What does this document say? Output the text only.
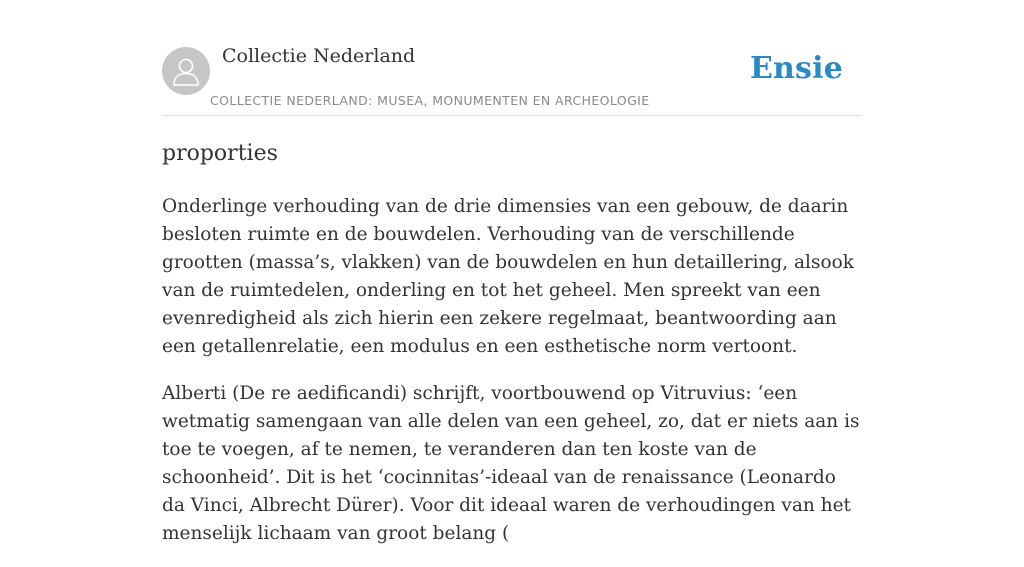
Collectie Nederland
COLLECTIE NEDERLAND: MUSEA, MONUMENTEN EN ARCHEOLOGIE
Ensie
proporties

Onderlinge verhouding van de drie dimensies van een gebouw, de daarin besloten ruimte en de bouwdelen. Verhouding van de verschillende grootten (massa’s, vlakken) van de bouwdelen en hun detaillering, alsook van de ruimtedelen, onderling en tot het geheel. Men spreekt van een evenredigheid als zich hierin een zekere regelmaat, beantwoording aan een getallenrelatie, een modulus en een esthetische norm vertoont.

Alberti (De re aedificandi) schrijft, voortbouwend op Vitruvius: ‘een wetmatig samengaan van alle delen van een geheel, zo, dat er niets aan is toe te voegen, af te nemen, te veranderen dan ten koste van de schoonheid’. Dit is het ‘cocinnitas’-ideaal van de renaissance (Leonardo da Vinci, Albrecht Dürer). Voor dit ideaal waren de verhoudingen van het menselijk lichaam van groot belang (
